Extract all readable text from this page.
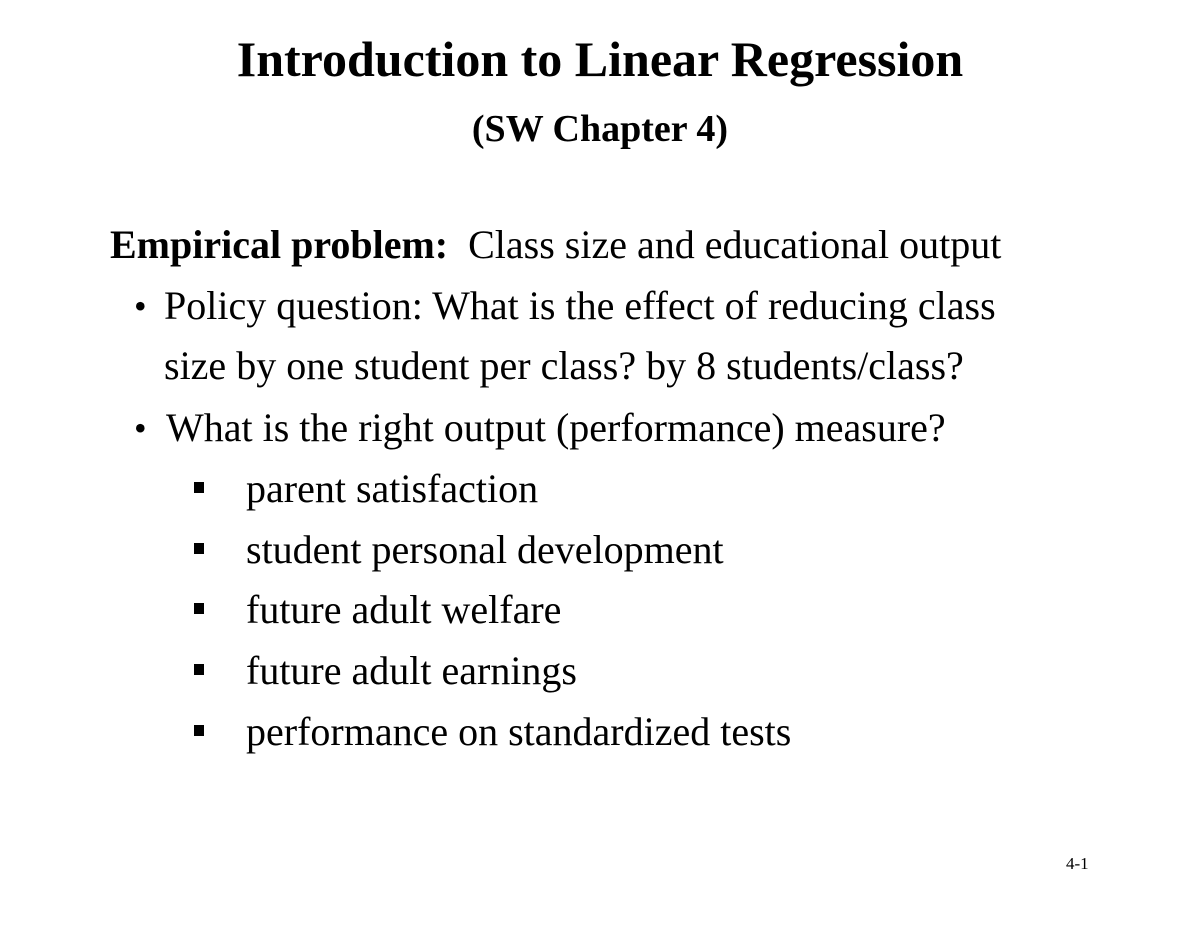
Introduction to Linear Regression
(SW Chapter 4)
Empirical problem: Class size and educational output
• Policy question: What is the effect of reducing class
size by one student per class? by 8 students/class?
• What is the right output (performance) measure?
parent satisfaction
student personal development
future adult welfare
future adult earnings
performance on standardized tests
4-1
